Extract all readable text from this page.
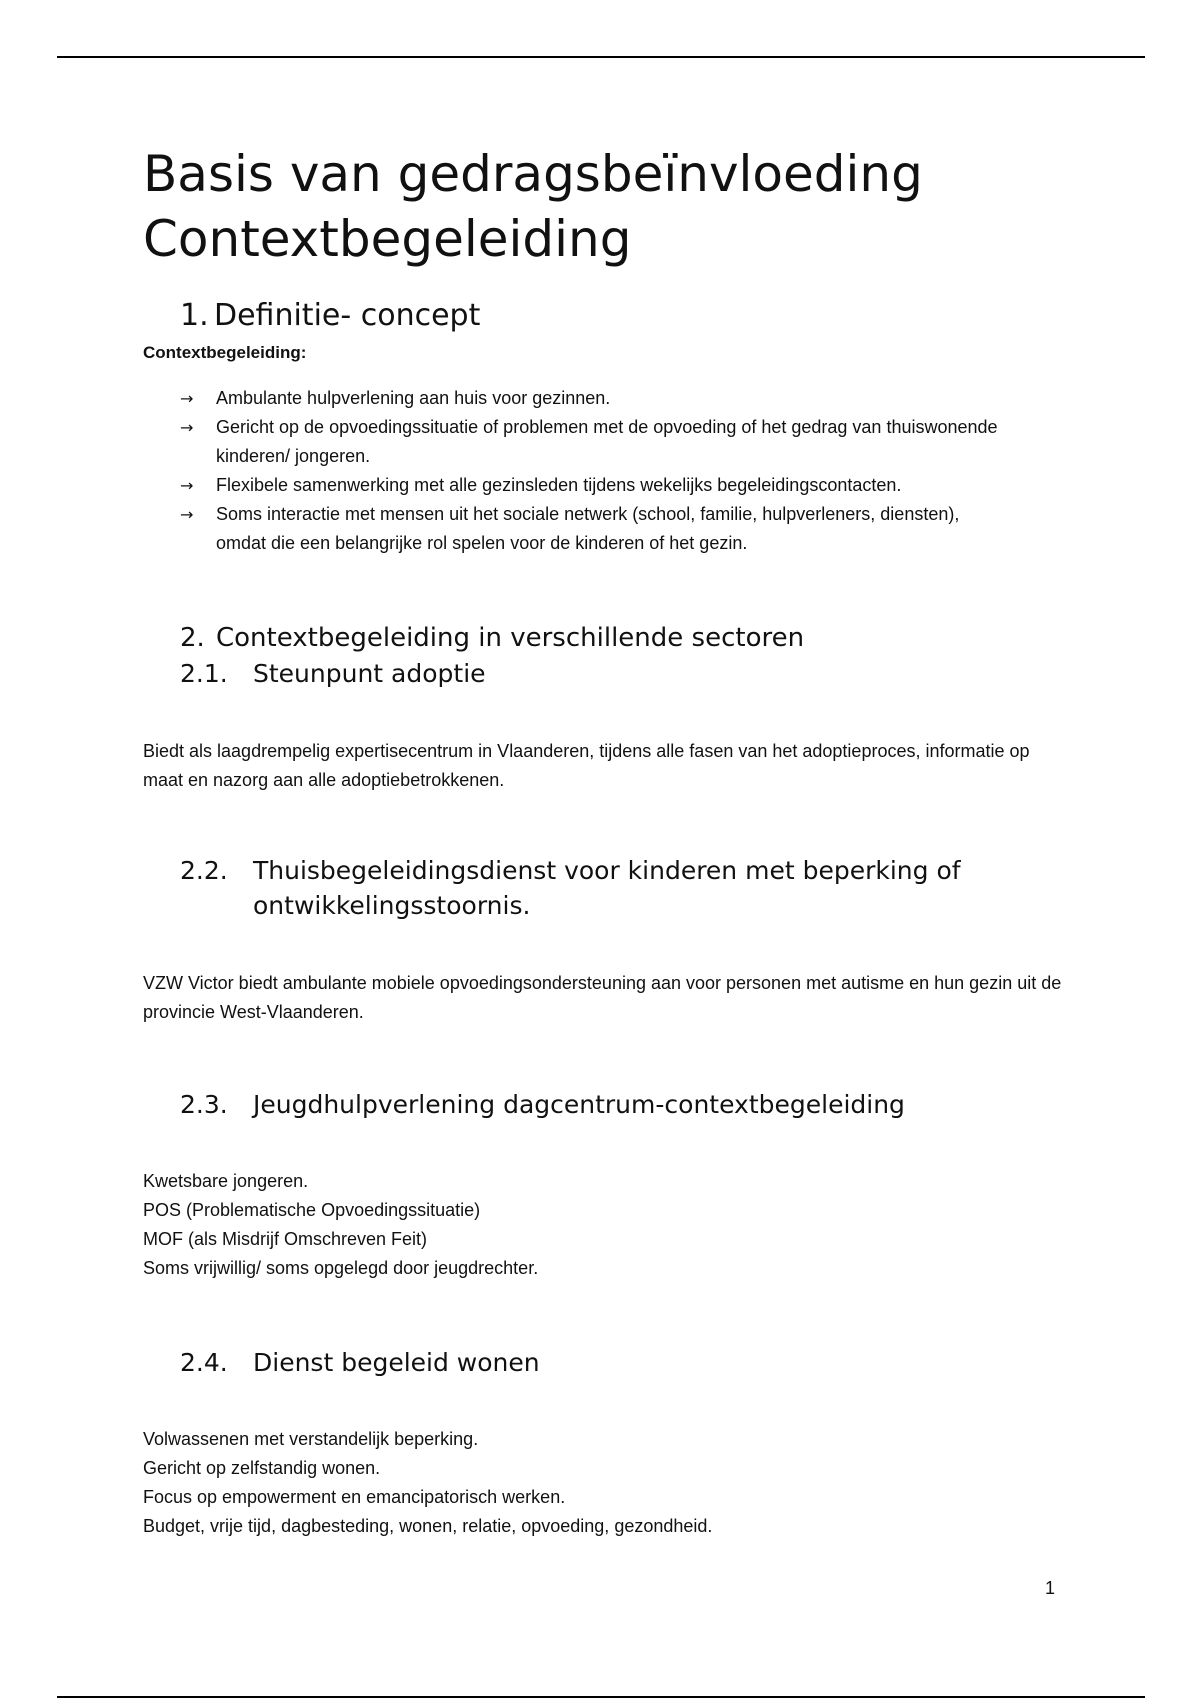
Basis van gedragsbeïnvloeding
Contextbegeleiding
1. Definitie- concept

Contextbegeleiding:

→ Ambulante hulpverlening aan huis voor gezinnen.
→ Gericht op de opvoedingssituatie of problemen met de opvoeding of het gedrag van thuiswonende kinderen/ jongeren.
→ Flexibele samenwerking met alle gezinsleden tijdens wekelijks begeleidingscontacten.
→ Soms interactie met mensen uit het sociale netwerk (school, familie, hulpverleners, diensten), omdat die een belangrijke rol spelen voor de kinderen of het gezin.
2. Contextbegeleiding in verschillende sectoren
2.1. Steunpunt adoptie

Biedt als laagdrempelig expertisecentrum in Vlaanderen, tijdens alle fasen van het adoptieproces, informatie op maat en nazorg aan alle adoptiebetrokkenen.

2.2. Thuisbegeleidingsdienst voor kinderen met beperking of ontwikkelingsstoornis.

VZW Victor biedt ambulante mobiele opvoedingsondersteuning aan voor personen met autisme en hun gezin uit de provincie West-Vlaanderen.

2.3. Jeugdhulpverlening dagcentrum-contextbegeleiding
Kwetsbare jongeren.
POS (Problematische Opvoedingssituatie)
MOF (als Misdrijf Omschreven Feit)
Soms vrijwillig/ soms opgelegd door jeugdrechter.
2.4. Dienst begeleid wonen
Volwassenen met verstandelijk beperking.
Gericht op zelfstandig wonen.
Focus op empowerment en emancipatorisch werken.
Budget, vrije tijd, dagbesteding, wonen, relatie, opvoeding, gezondheid.
1
